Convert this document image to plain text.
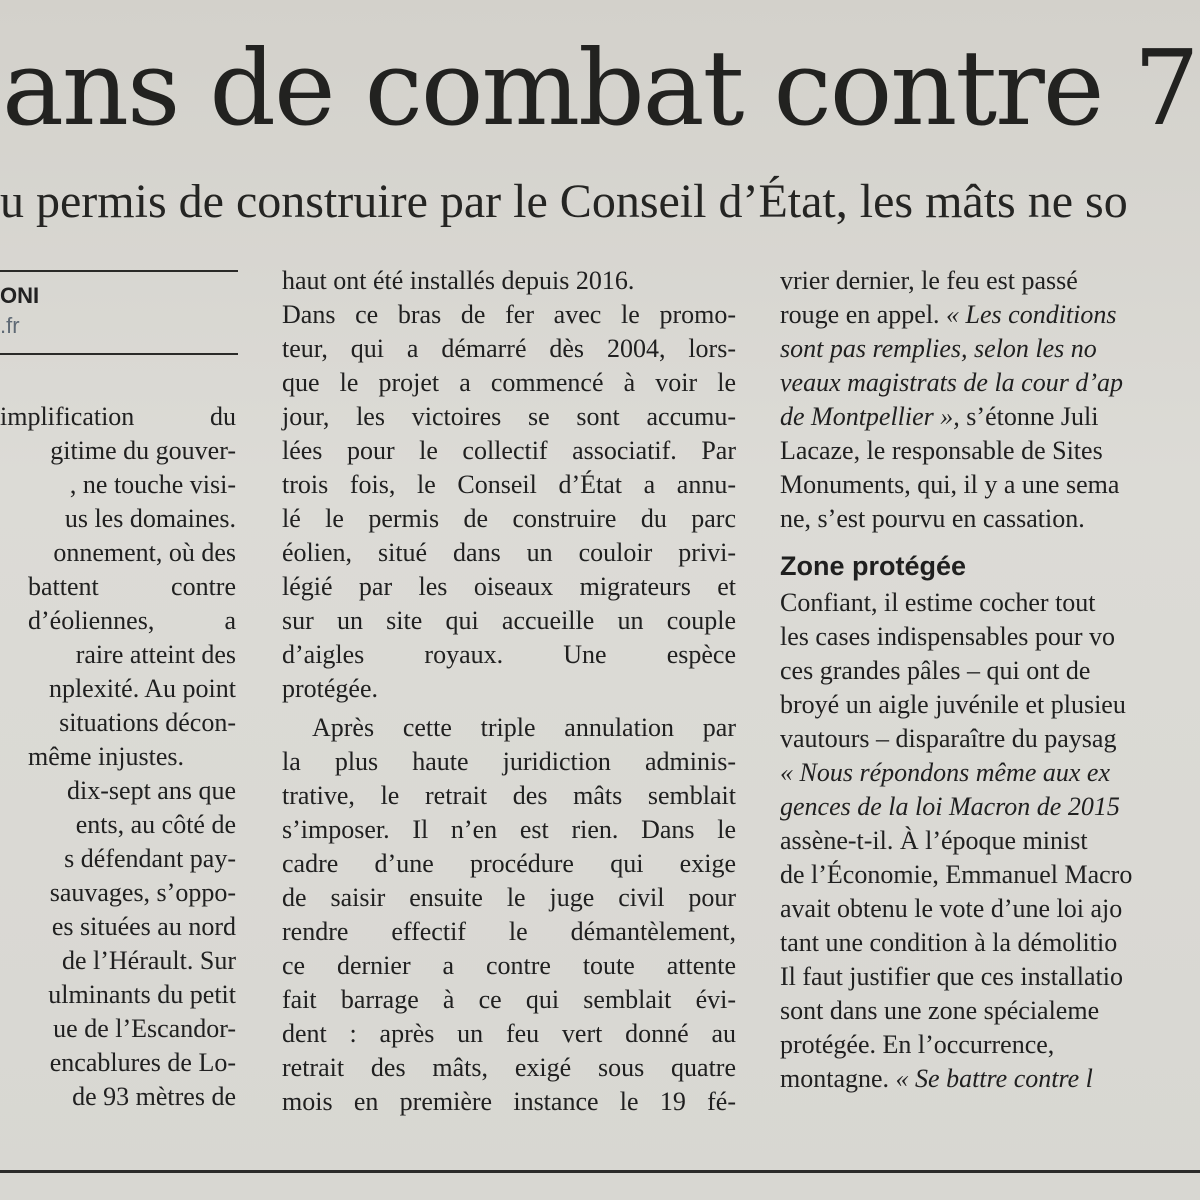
ans de combat contre 7
u permis de construire par le Conseil d’État, les mâts ne so
ONI
.fr
implification du
gitime du gouver-
, ne touche visi-
us les domaines.
onnement, où des
battent contre
d’éoliennes, a
raire atteint des
nplexité. Au point
situations décon-
même injustes.
dix-sept ans que
ents, au côté de
s défendant pay-
sauvages, s’oppo-
es situées au nord
de l’Hérault. Sur
ulminants du petit
ue de l’Escandor-
encablures de Lo-
de 93 mètres de
haut ont été installés depuis 2016.
Dans ce bras de fer avec le promo-
teur, qui a démarré dès 2004, lors-
que le projet a commencé à voir le
jour, les victoires se sont accumu-
lées pour le collectif associatif. Par
trois fois, le Conseil d’État a annu-
lé le permis de construire du parc
éolien, situé dans un couloir privi-
légié par les oiseaux migrateurs et
sur un site qui accueille un couple
d’aigles royaux. Une espèce
protégée.
Après cette triple annulation par
la plus haute juridiction adminis-
trative, le retrait des mâts semblait
s’imposer. Il n’en est rien. Dans le
cadre d’une procédure qui exige
de saisir ensuite le juge civil pour
rendre effectif le démantèlement,
ce dernier a contre toute attente
fait barrage à ce qui semblait évi-
dent : après un feu vert donné au
retrait des mâts, exigé sous quatre
mois en première instance le 19 fé-
vrier dernier, le feu est passé
rouge en appel. « Les conditions
sont pas remplies, selon les no
veaux magistrats de la cour d’ap
de Montpellier », s’étonne Juli
Lacaze, le responsable de Sites
Monuments, qui, il y a une sema
ne, s’est pourvu en cassation.
Zone protégée
Confiant, il estime cocher tout
les cases indispensables pour vo
ces grandes pâles – qui ont de
broyé un aigle juvénile et plusieu
vautours – disparaître du paysag
« Nous répondons même aux ex
gences de la loi Macron de 2015
assène-t-il. À l’époque minist
de l’Économie, Emmanuel Macro
avait obtenu le vote d’une loi ajo
tant une condition à la démolitio
Il faut justifier que ces installatio
sont dans une zone spécialeme
protégée. En l’occurrence,
montagne. « Se battre contre l
